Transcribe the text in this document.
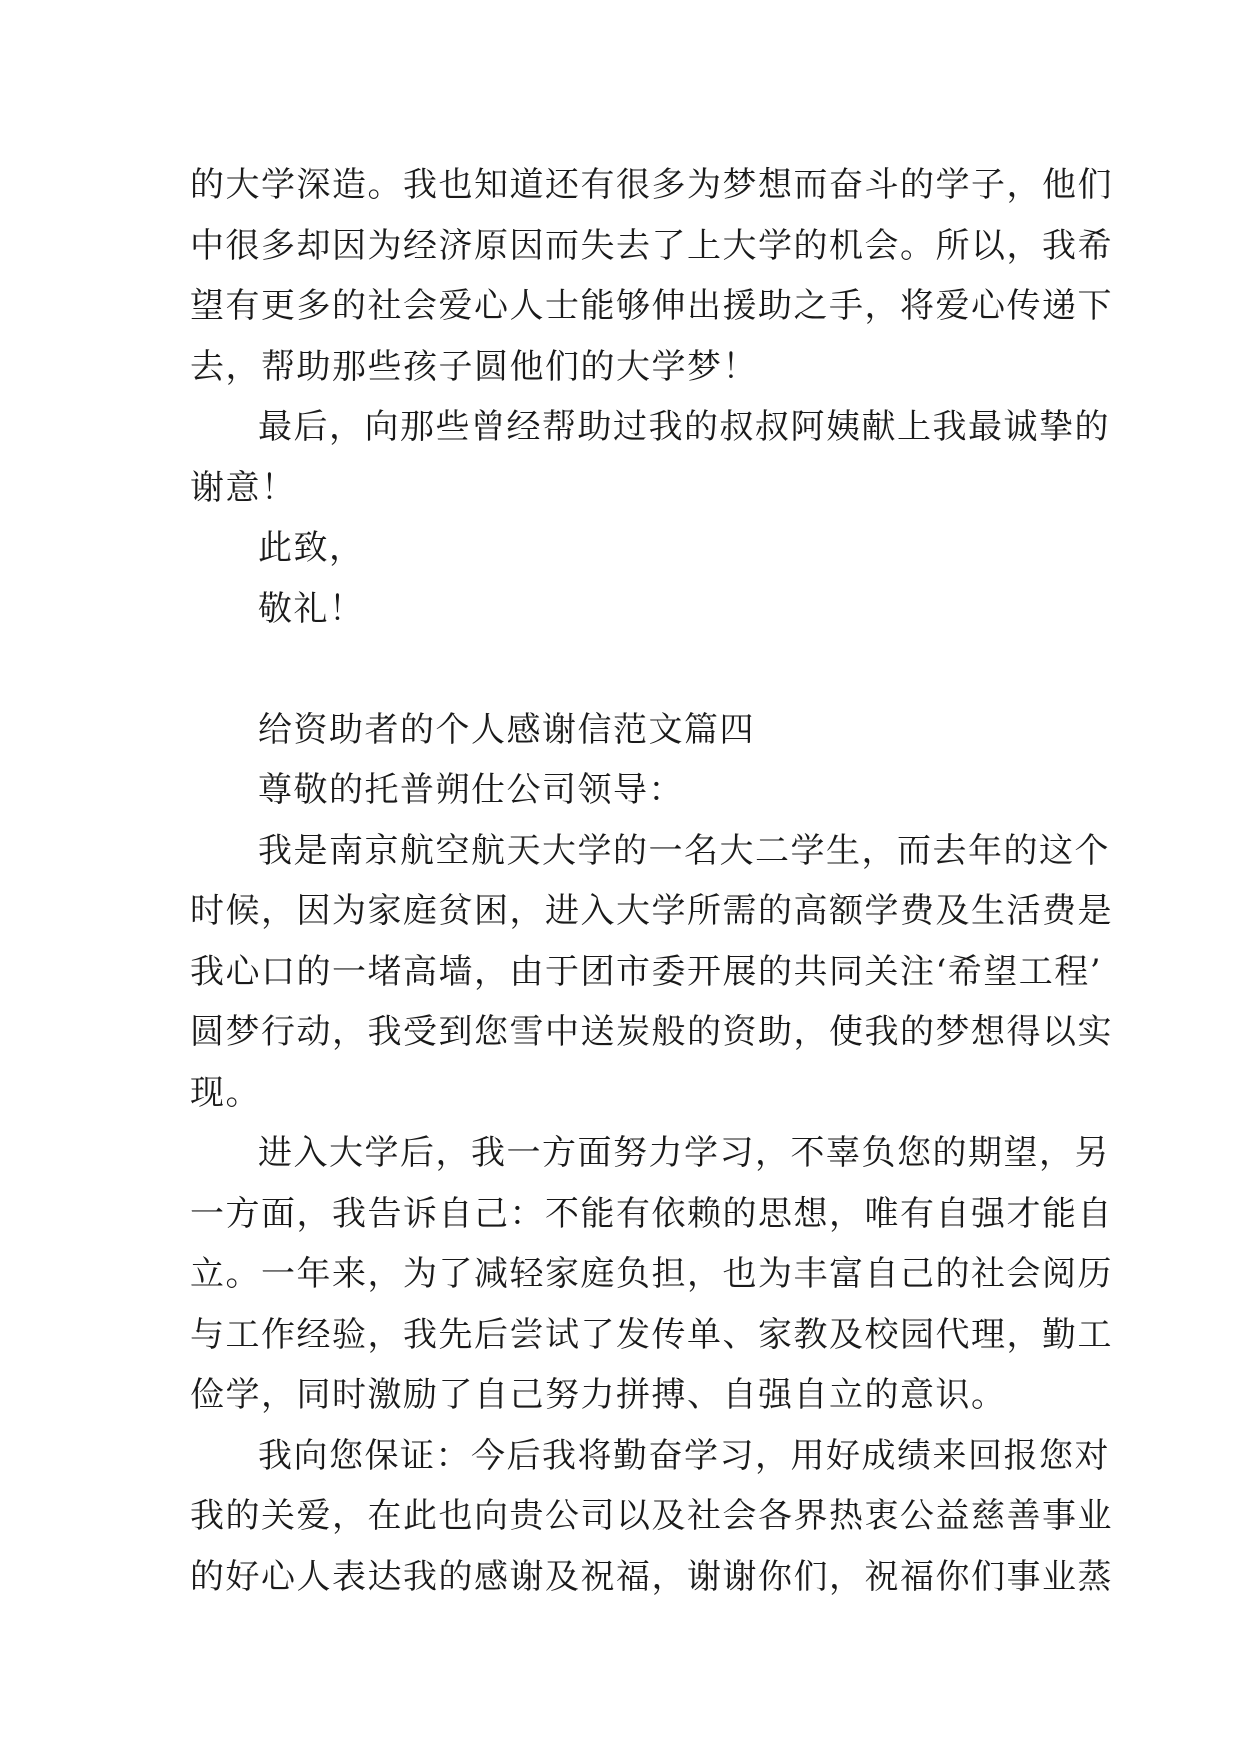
的大学深造。我也知道还有很多为梦想而奋斗的学子，他们
中很多却因为经济原因而失去了上大学的机会。所以，我希
望有更多的社会爱心人士能够伸出援助之手，将爱心传递下
去，帮助那些孩子圆他们的大学梦！
最后，向那些曾经帮助过我的叔叔阿姨献上我最诚挚的
谢意！
此致，
敬礼！
给资助者的个人感谢信范文篇四
尊敬的托普朔仕公司领导：
我是南京航空航天大学的一名大二学生，而去年的这个
时候，因为家庭贫困，进入大学所需的高额学费及生活费是
我心口的一堵高墙，由于团市委开展的共同关注‘希望工程’
圆梦行动，我受到您雪中送炭般的资助，使我的梦想得以实
现。
进入大学后，我一方面努力学习，不辜负您的期望，另
一方面，我告诉自己：不能有依赖的思想，唯有自强才能自
立。一年来，为了减轻家庭负担，也为丰富自己的社会阅历
与工作经验，我先后尝试了发传单、家教及校园代理，勤工
俭学，同时激励了自己努力拼搏、自强自立的意识。
我向您保证：今后我将勤奋学习，用好成绩来回报您对
我的关爱，在此也向贵公司以及社会各界热衷公益慈善事业
的好心人表达我的感谢及祝福，谢谢你们，祝福你们事业蒸
